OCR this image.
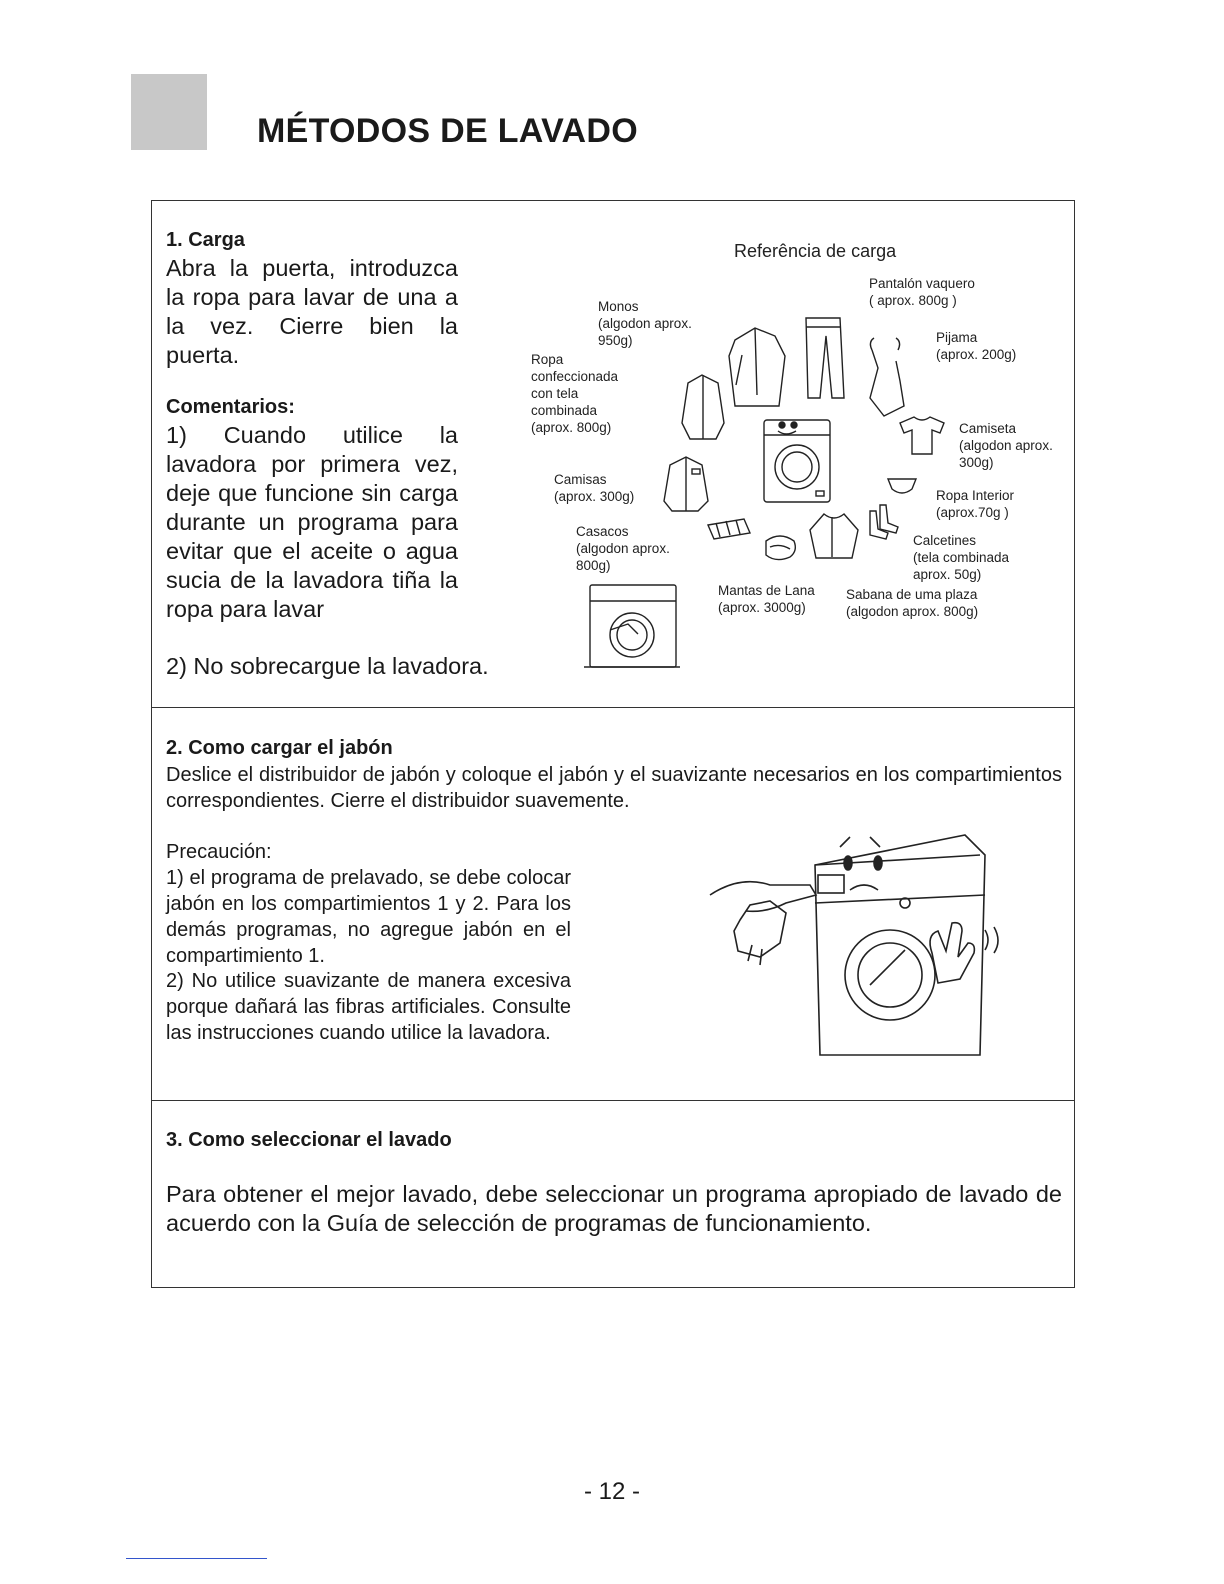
MÉTODOS DE LAVADO
1. Carga

Abra la puerta, introduzca la ropa para lavar de una a la vez. Cierre bien la puerta.

Comentarios:

1) Cuando utilice la lavadora por primera vez, deje que funcione sin carga durante un programa para evitar que el aceite o agua sucia de la lavadora tiña la ropa para lavar

2) No sobrecargue la lavadora.

Referência de carga
Pantalón vaquero
( aprox. 800g )
Monos
(algodon aprox.
950g)	Pijama
(aprox. 200g)
Ropa
confeccionada
con tela
combinada
(aprox. 800g)	Camiseta
(algodon aprox.
300g)
Camisas
(aprox. 300g)	Ropa Interior
(aprox.70g )
Casacos
(algodon aprox.
800g)
Calcetines
(tela combinada
aprox. 50g)
Mantas de Lana
(aprox. 3000g)
Sabana de uma plaza
(algodon aprox. 800g)
2. Como cargar el jabón

Deslice el distribuidor de jabón y coloque el jabón y el suavizante necesarios en los compartimientos correspondientes. Cierre el distribuidor suavemente.

Precaución:

1) el programa de prelavado, se debe colocar jabón en los compartimientos 1 y 2. Para los demás programas, no agregue jabón en el compartimiento 1.

2) No utilice suavizante de manera excesiva porque dañará las fibras artificiales. Consulte las instrucciones cuando utilice la lavadora.

3. Como seleccionar el lavado

Para obtener el mejor lavado, debe seleccionar un programa apropiado de lavado de acuerdo con la Guía de selección de programas de funcionamiento.

- 12 -
